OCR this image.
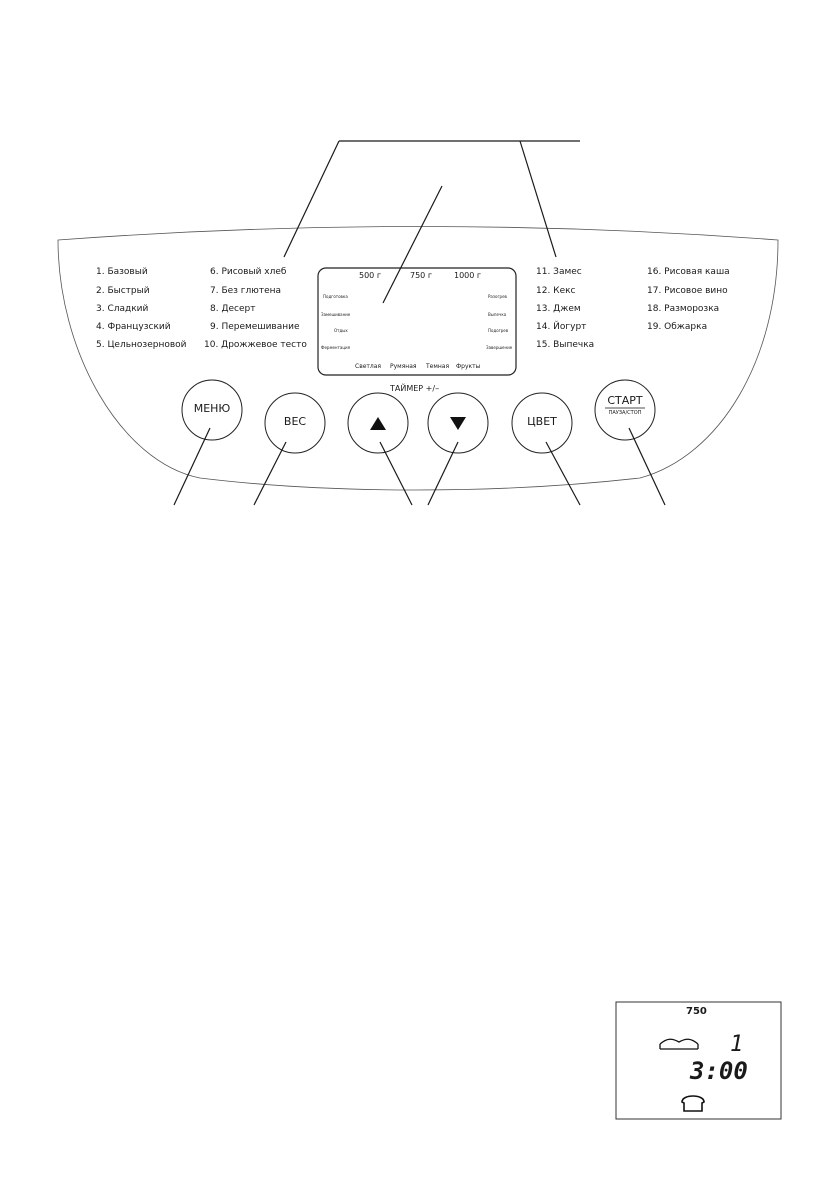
1. Базовый
2. Быстрый
3. Сладкий
4. Французский
5. Цельнозерновой
6. Рисовый хлеб
7. Без глютена
8. Десерт
9. Перемешивание
10. Дрожжевое тесто
11. Замес
12. Кекс
13. Джем
14. Йогурт
15. Выпечка
16. Рисовая каша
17. Рисовое вино
18. Разморозка
19. Обжарка
500 г	750 г	1000 г
Подготовка
Замешивание
Отдых
Ферментация
Разогрев
Выпечка
Подогрев
Завершение
Светлая Румяная Темная Фрукты
ТАЙМЕР +/–
МЕНЮ
ВЕС	ЦВЕТ
СТАРТ
ПАУЗА/СТОП
750
1
3:00
